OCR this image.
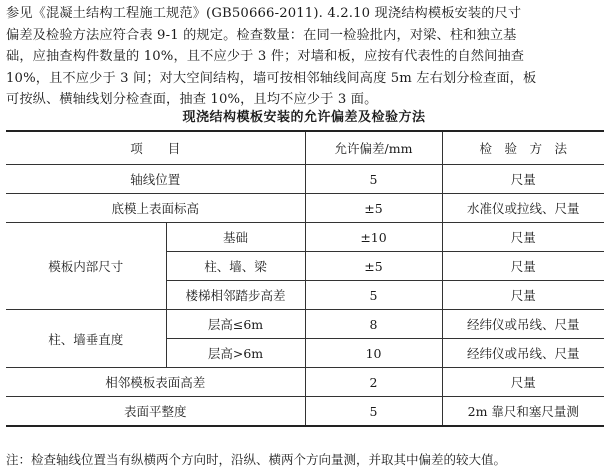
参见《混凝土结构工程施工规范》(GB50666-2011). 4.2.10 现浇结构模板安装的尺寸
偏差及检验方法应符合表 9-1 的规定。检查数量：在同一检验批内，对梁、柱和独立基
础，应抽查构件数量的 10%，且不应少于 3 件；对墙和板，应按有代表性的自然间抽查
10%，且不应少于 3 间；对大空间结构，墙可按相邻轴线间高度 5m 左右划分检查面，板
可按纵、横轴线划分检查面，抽查 10%，且均不应少于 3 面。
现浇结构模板安装的允许偏差及检验方法
项　　目		允许偏差/mm	检　验　方　法
轴线位置		5	尺量
底模上表面标高		±5	水准仪或拉线、尺量
模板内部尺寸	基础	±10	尺量
	柱、墙、梁	±5	尺量
	楼梯相邻踏步高差	5	尺量
柱、墙垂直度	层高≤6m	8	经纬仪或吊线、尺量
	层高>6m	10	经纬仪或吊线、尺量
相邻模板表面高差		2	尺量
表面平整度		5	2m 靠尺和塞尺量测
注：检查轴线位置当有纵横两个方向时，沿纵、横两个方向量测，并取其中偏差的较大值。
